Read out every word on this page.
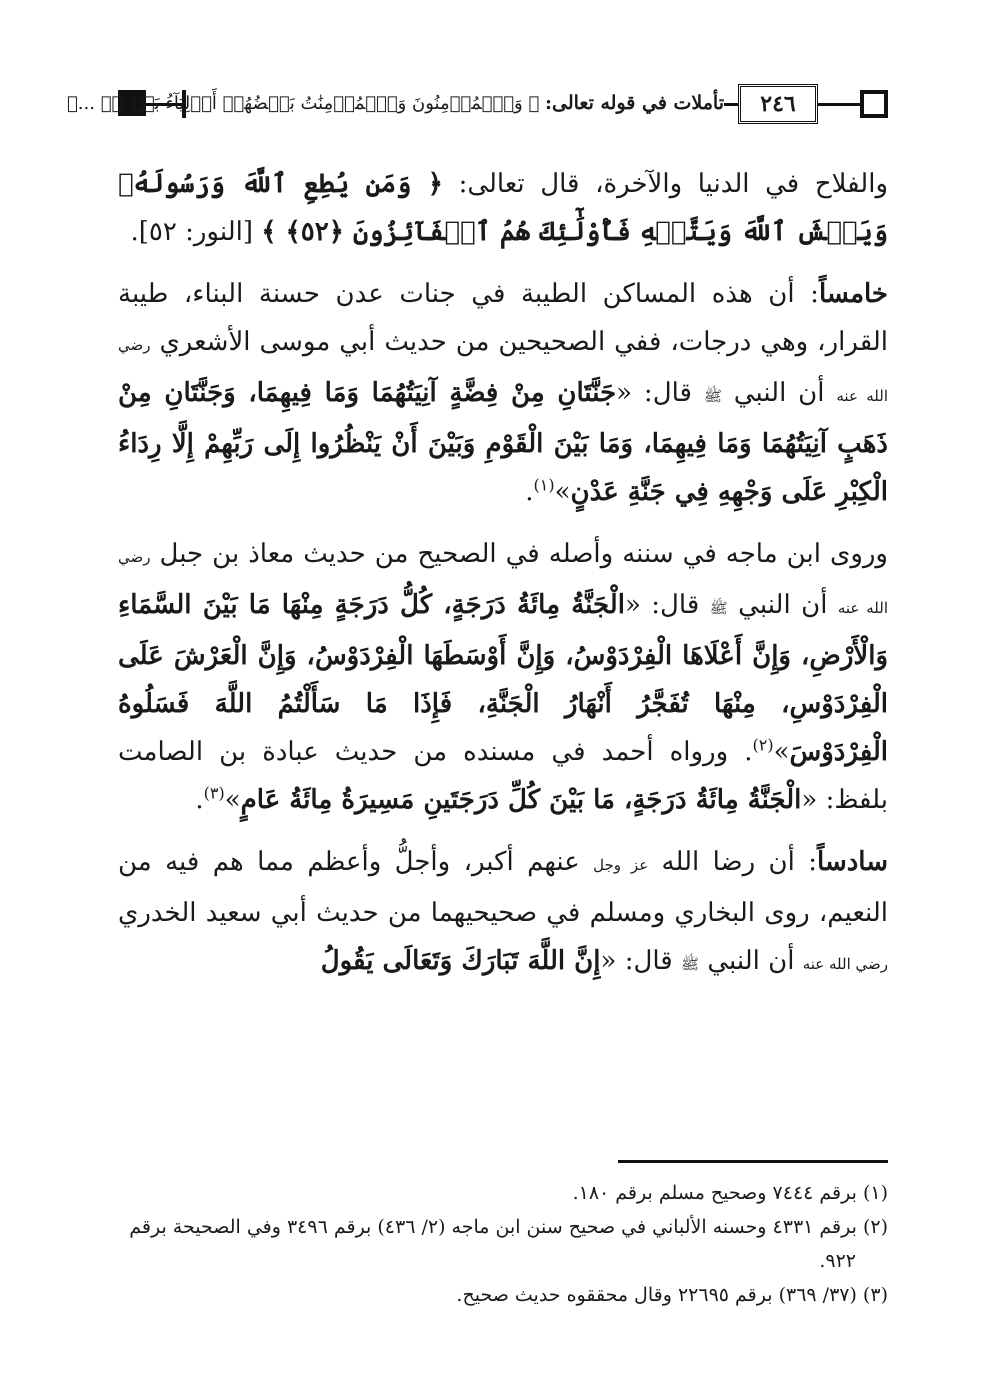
تأملات في قوله تعالى: ﴿ وَٱلۡمُؤۡمِنُونَ وَٱلۡمُؤۡمِنَٰتُ بَعۡضُهُمۡ أَوۡلِيَآءُ بَعۡضٖۚ ...﴾	٢٤٦

والفلاح في الدنيا والآخرة، قال تعالى: ﴿ وَمَن يُطِعِ ٱللَّهَ وَرَسُولَهُۥ وَيَخۡشَ ٱللَّهَ وَيَتَّقۡهِ فَأُوْلَٰٓئِكَ هُمُ ٱلۡفَآئِزُونَ ﴿٥٢﴾ ﴾ [النور: ٥٢].

خامساً: أن هذه المساكن الطيبة في جنات عدن حسنة البناء، طيبة القرار، وهي درجات، ففي الصحيحين من حديث أبي موسى الأشعري رضي الله عنه أن النبي ﷺ قال: «جَنَّتَانِ مِنْ فِضَّةٍ آنِيَتُهُمَا وَمَا فِيهِمَا، وَجَنَّتَانِ مِنْ ذَهَبٍ آنِيَتُهُمَا وَمَا فِيهِمَا، وَمَا بَيْنَ الْقَوْمِ وَبَيْنَ أَنْ يَنْظُرُوا إِلَى رَبِّهِمْ إِلَّا رِدَاءُ الْكِبْرِ عَلَى وَجْهِهِ فِي جَنَّةِ عَدْنٍ»$^{(١)}$.

وروى ابن ماجه في سننه وأصله في الصحيح من حديث معاذ بن جبل رضي الله عنه أن النبي ﷺ قال: «الْجَنَّةُ مِائَةُ دَرَجَةٍ، كُلُّ دَرَجَةٍ مِنْهَا مَا بَيْنَ السَّمَاءِ وَالْأَرْضِ، وَإِنَّ أَعْلَاهَا الْفِرْدَوْسُ، وَإِنَّ أَوْسَطَهَا الْفِرْدَوْسُ، وَإِنَّ الْعَرْشَ عَلَى الْفِرْدَوْسِ، مِنْهَا تُفَجَّرُ أَنْهَارُ الْجَنَّةِ، فَإِذَا مَا سَأَلْتُمُ اللَّهَ فَسَلُوهُ الْفِرْدَوْسَ»$^{(٢)}$. ورواه أحمد في مسنده من حديث عبادة بن الصامت بلفظ: «الْجَنَّةُ مِائَةُ دَرَجَةٍ، مَا بَيْنَ كُلِّ دَرَجَتَينِ مَسِيرَةُ مِائَةُ عَامٍ»$^{(٣)}$.

سادساً: أن رضا الله عز وجل عنهم أكبر، وأجلُّ وأعظم مما هم فيه من النعيم، روى البخاري ومسلم في صحيحيهما من حديث أبي سعيد الخدري رضي الله عنه أن النبي ﷺ قال: «إِنَّ اللَّهَ تَبَارَكَ وَتَعَالَى يَقُولُ

(١) برقم ٧٤٤٤ وصحيح مسلم برقم ١٨٠.

(٢) برقم ٤٣٣١ وحسنه الألباني في صحيح سنن ابن ماجه (٢/ ٤٣٦) برقم ٣٤٩٦ وفي الصحيحة برقم ٩٢٢.

(٣) (٣٧/ ٣٦٩) برقم ٢٢٦٩٥ وقال محققوه حديث صحيح.
